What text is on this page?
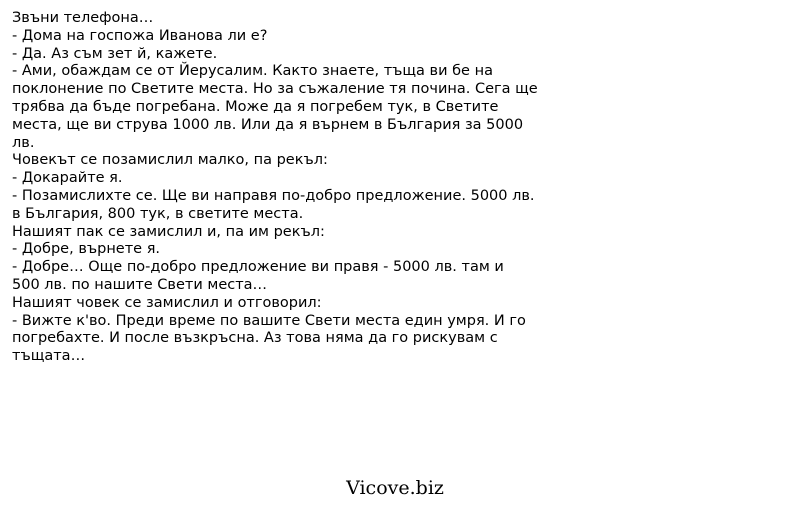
Звъни телефона…
- Дома на госпожа Иванова ли е?
- Да. Аз съм зет й, кажете.
- Ами, обаждам се от Йерусалим. Както знаете, тъща ви бе на
поклонение по Светите места. Но за съжаление тя почина. Сега ще
трябва да бъде погребана. Може да я погребем тук, в Светите
места, ще ви струва 1000 лв. Или да я върнем в България за 5000
лв.
Човекът се позамислил малко, па рекъл:
- Докарайте я.
- Позамислихте се. Ще ви направя по-добро предложение. 5000 лв.
в България, 800 тук, в светите места.
Нашият пак се замислил и, па им рекъл:
- Добре, върнете я.
- Добре… Още по-добро предложение ви правя - 5000 лв. там и
500 лв. по нашите Свети места…
Нашият човек се замислил и отговорил:
- Вижте к'во. Преди време по вашите Свети места един умря. И го
погребахте. И после възкръсна. Аз това няма да го рискувам с
тъщата…
Vicove.biz
